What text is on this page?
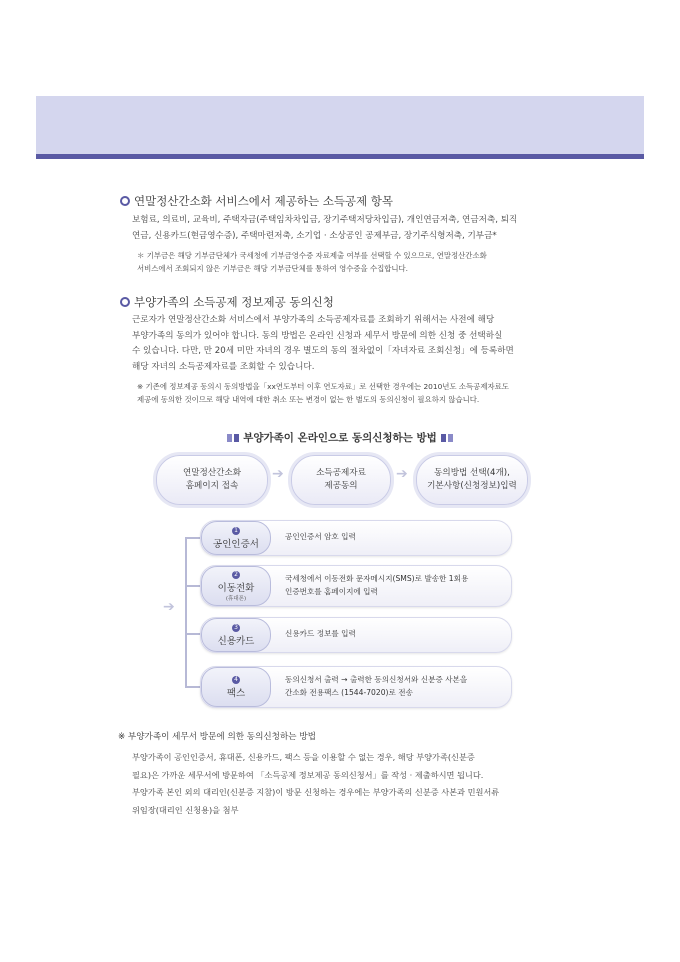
연말정산간소화 서비스에서 제공하는 소득공제 항목
보험료, 의료비, 교육비, 주택자금(주택임차차입금, 장기주택저당차입금), 개인연금저축, 연금저축, 퇴직
연금, 신용카드(현금영수증), 주택마련저축, 소기업 · 소상공인 공제부금, 장기주식형저축, 기부금*
＊ 기부금은 해당 기부금단체가 국세청에 기부금영수증 자료제출 여부를 선택할 수 있으므로, 연말정산간소화
서비스에서 조회되지 않은 기부금은 해당 기부금단체를 통하여 영수증을 수집합니다.
부양가족의 소득공제 정보제공 동의신청
근로자가 연말정산간소화 서비스에서 부양가족의 소득공제자료를 조회하기 위해서는 사전에 해당
부양가족의 동의가 있어야 합니다. 동의 방법은 온라인 신청과 세무서 방문에 의한 신청 중 선택하실
수 있습니다. 다만, 만 20세 미만 자녀의 경우 별도의 동의 절차없이「자녀자료 조회신청」에 등록하면
해당 자녀의 소득공제자료를 조회할 수 있습니다.
※ 기존에 정보제공 동의시 동의방법을「xx연도부터 이후 연도자료」로 선택한 경우에는 2010년도 소득공제자료도
제공에 동의한 것이므로 해당 내역에 대한 취소 또는 변경이 없는 한 별도의 동의신청이 필요하지 않습니다.
부양가족이 온라인으로 동의신청하는 방법
연말정산간소화
홈페이지 접속
➔	소득공제자료
제공동의
➔	동의방법 선택(4개),
기본사항(신청정보)입력
➔
1
공인인증서
공인인증서 암호 입력
2
이동전화
(휴대폰)
국세청에서 이동전화 문자메시지(SMS)로 발송한 1회용
인증번호를 홈페이지에 입력
3
신용카드
신용카드 정보를 입력
4
팩스
동의신청서 출력 → 출력한 동의신청서와 신분증 사본을
간소화 전용팩스 (1544-7020)로 전송
※ 부양가족이 세무서 방문에 의한 동의신청하는 방법
부양가족이 공인인증서, 휴대폰, 신용카드, 팩스 등을 이용할 수 없는 경우, 해당 부양가족(신분증
필요)은 가까운 세무서에 방문하여 「소득공제 정보제공 동의신청서」를 작성 · 제출하시면 됩니다.
부양가족 본인 외의 대리인(신분증 지참)이 방문 신청하는 경우에는 부양가족의 신분증 사본과 민원서류
위임장(대리인 신청용)을 첨부
